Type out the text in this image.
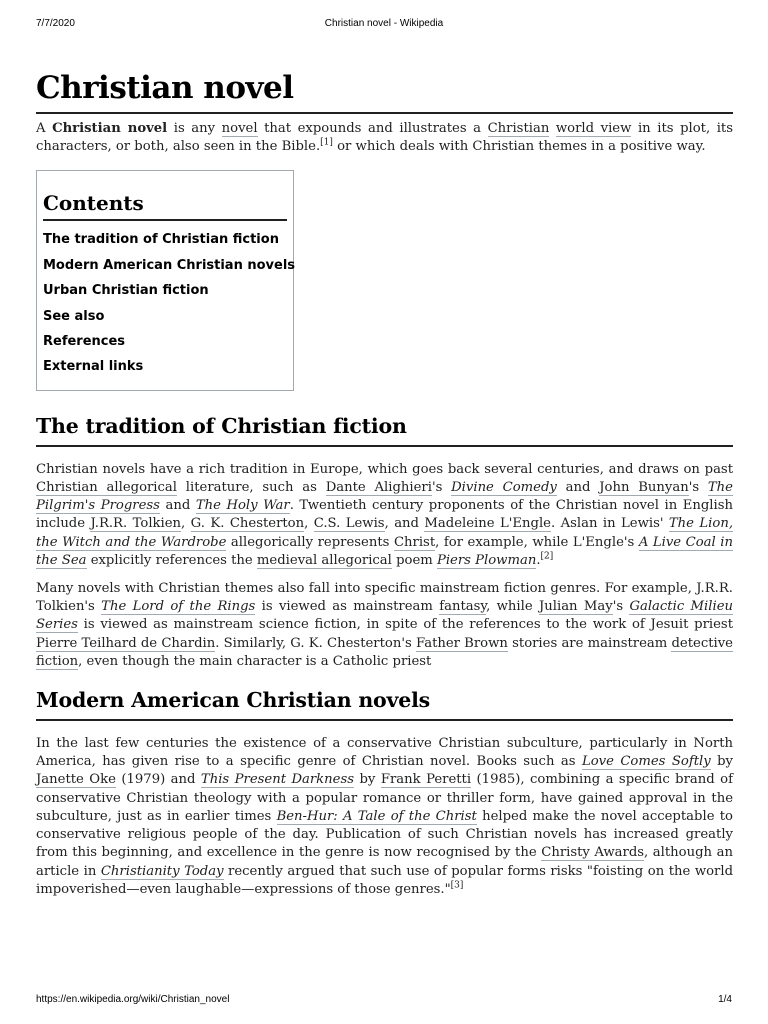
7/7/2020	Christian novel - Wikipedia
Christian novel

A Christian novel is any novel that expounds and illustrates a Christian world view in its plot, its characters, or both, also seen in the Bible.[1] or which deals with Christian themes in a positive way.

Contents
The tradition of Christian fiction
Modern American Christian novels
Urban Christian fiction
See also
References
External links
The tradition of Christian fiction

Christian novels have a rich tradition in Europe, which goes back several centuries, and draws on past Christian allegorical literature, such as Dante Alighieri's Divine Comedy and John Bunyan's The Pilgrim's Progress and The Holy War. Twentieth century proponents of the Christian novel in English include J.R.R. Tolkien, G. K. Chesterton, C.S. Lewis, and Madeleine L'Engle. Aslan in Lewis' The Lion, the Witch and the Wardrobe allegorically represents Christ, for example, while L'Engle's A Live Coal in the Sea explicitly references the medieval allegorical poem Piers Plowman.[2]

Many novels with Christian themes also fall into specific mainstream fiction genres. For example, J.R.R. Tolkien's The Lord of the Rings is viewed as mainstream fantasy, while Julian May's Galactic Milieu Series is viewed as mainstream science fiction, in spite of the references to the work of Jesuit priest Pierre Teilhard de Chardin. Similarly, G. K. Chesterton's Father Brown stories are mainstream detective fiction, even though the main character is a Catholic priest

Modern American Christian novels

In the last few centuries the existence of a conservative Christian subculture, particularly in North America, has given rise to a specific genre of Christian novel. Books such as Love Comes Softly by Janette Oke (1979) and This Present Darkness by Frank Peretti (1985), combining a specific brand of conservative Christian theology with a popular romance or thriller form, have gained approval in the subculture, just as in earlier times Ben-Hur: A Tale of the Christ helped make the novel acceptable to conservative religious people of the day. Publication of such Christian novels has increased greatly from this beginning, and excellence in the genre is now recognised by the Christy Awards, although an article in Christianity Today recently argued that such use of popular forms risks "foisting on the world impoverished—even laughable—expressions of those genres."[3]

https://en.wikipedia.org/wiki/Christian_novel	1/4
